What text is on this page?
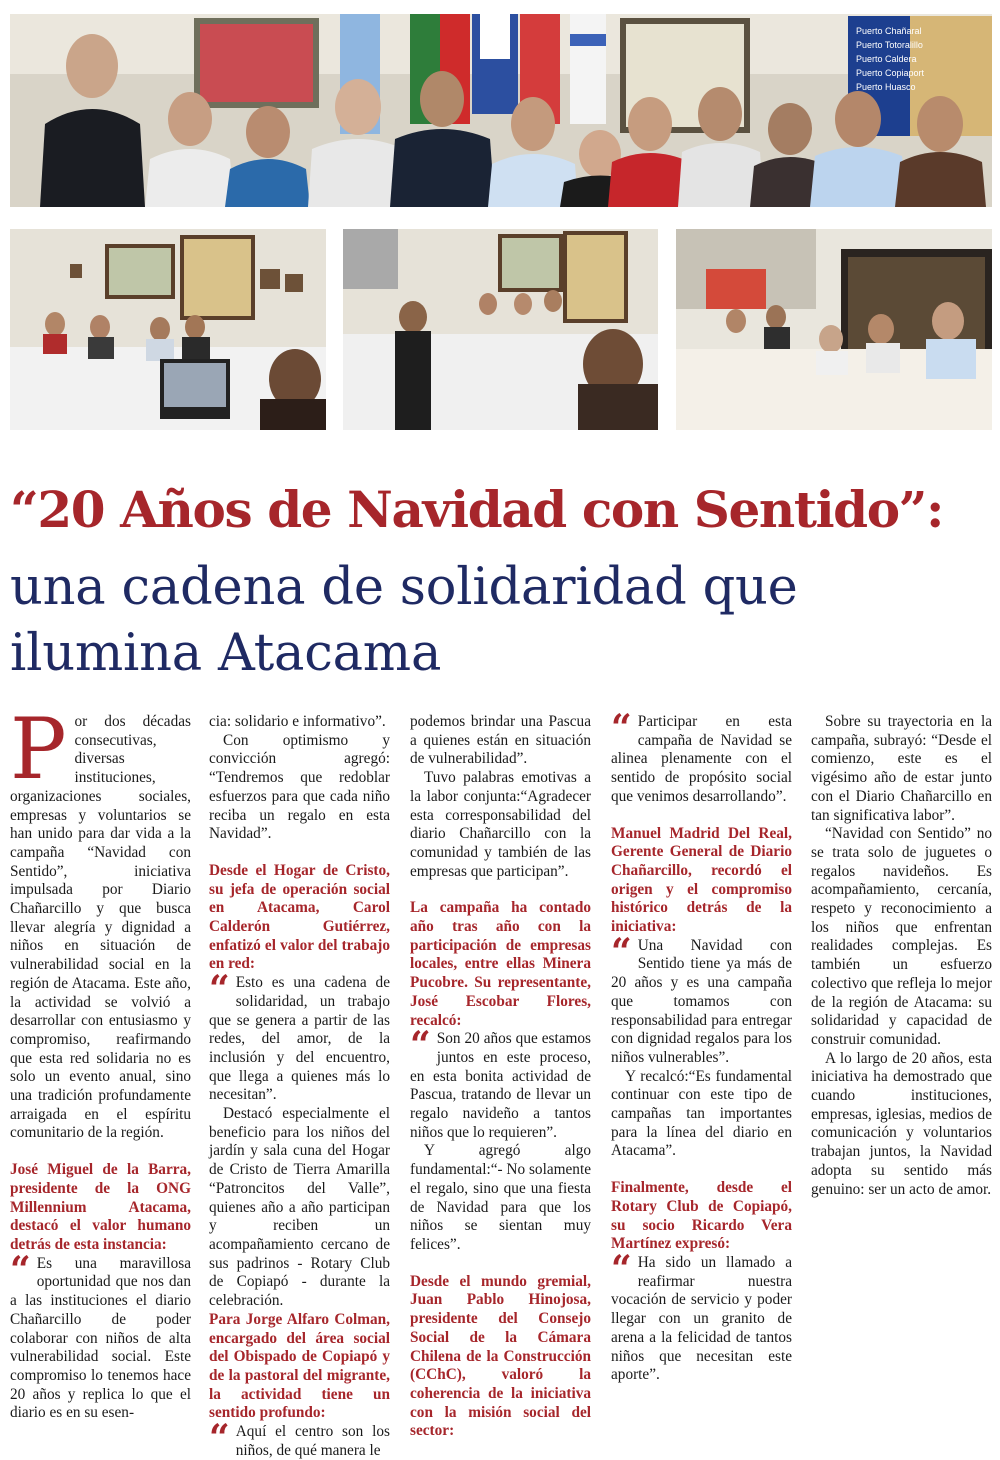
Puerto Chañaral
Puerto Totoralillo
Puerto Caldera
Puerto Copiaport
Puerto Huasco
“20 Años de Navidad con Sentido”:
una cadena de solidaridad que
ilumina Atacama
P or dos décadas consecutivas, diversas instituciones, organizaciones sociales, empresas y voluntarios se han unido para dar vida a la campaña “Navidad con Sentido”, iniciativa impulsada por Diario Chañarcillo y que busca llevar alegría y dignidad a niños en situación de vulnerabilidad social en la región de Atacama. Este año, la actividad se volvió a desarrollar con entusiasmo y compromiso, reafirmando que esta red solidaria no es solo un evento anual, sino una tradición profundamente arraigada en el espíritu comunitario de la región.

José Miguel de la Barra, presidente de la ONG Millennium Atacama, destacó el valor humano detrás de esta instancia:
“ Es una maravillosa oportunidad que nos dan a las instituciones el diario Chañarcillo de poder colaborar con niños de alta vulnerabilidad social. Este compromiso lo tenemos hace 20 años y replica lo que el diario es en su esen-

cia: solidario e informativo”.

Con optimismo y convicción agregó: “Tendremos que redoblar esfuerzos para que cada niño reciba un regalo en esta Navidad”.

Desde el Hogar de Cristo, su jefa de operación social en Atacama, Carol Calderón Gutiérrez, enfatizó el valor del trabajo en red:
“ Esto es una cadena de solidaridad, un trabajo que se genera a partir de las redes, del amor, de la inclusión y del encuentro, que llega a quienes más lo necesitan”.

Destacó especialmente el beneficio para los niños del jardín y sala cuna del Hogar de Cristo de Tierra Amarilla “Patroncitos del Valle”, quienes año a año participan y reciben un acompañamiento cercano de sus padrinos - Rotary Club de Copiapó - durante la celebración.

Para Jorge Alfaro Colman, encargado del área social del Obispado de Copiapó y de la pastoral del migrante, la actividad tiene un sentido profundo:
“ Aquí el centro son los niños, de qué manera le

podemos brindar una Pascua a quienes están en situación de vulnerabilidad”.

Tuvo palabras emotivas a la labor conjunta:“Agradecer esta corresponsabilidad del diario Chañarcillo con la comunidad y también de las empresas que participan”.

La campaña ha contado año tras año con la participación de empresas locales, entre ellas Minera Pucobre. Su representante, José Escobar Flores, recalcó:
“ Son 20 años que estamos juntos en este proceso, en esta bonita actividad de Pascua, tratando de llevar un regalo navideño a tantos niños que lo requieren”.

Y agregó algo fundamental:“- No solamente el regalo, sino que una fiesta de Navidad para que los niños se sientan muy felices”.

Desde el mundo gremial, Juan Pablo Hinojosa, presidente del Consejo Social de la Cámara Chilena de la Construcción (CChC), valoró la coherencia de la iniciativa con la misión social del sector:
“ Participar en esta campaña de Navidad se alinea plenamente con el sentido de propósito social que venimos desarrollando”.

Manuel Madrid Del Real, Gerente General de Diario Chañarcillo, recordó el origen y el compromiso histórico detrás de la iniciativa:
“ Una Navidad con Sentido tiene ya más de 20 años y es una campaña que tomamos con responsabilidad para entregar con dignidad regalos para los niños vulnerables”.

Y recalcó:“Es fundamental continuar con este tipo de campañas tan importantes para la línea del diario en Atacama”.

Finalmente, desde el Rotary Club de Copiapó, su socio Ricardo Vera Martínez expresó:
“ Ha sido un llamado a reafirmar nuestra vocación de servicio y poder llegar con un granito de arena a la felicidad de tantos niños que necesitan este aporte”.

Sobre su trayectoria en la campaña, subrayó: “Desde el comienzo, este es el vigésimo año de estar junto con el Diario Chañarcillo en tan significativa labor”.

“Navidad con Sentido” no se trata solo de juguetes o regalos navideños. Es acompañamiento, cercanía, respeto y reconocimiento a los niños que enfrentan realidades complejas. Es también un esfuerzo colectivo que refleja lo mejor de la región de Atacama: su solidaridad y capacidad de construir comunidad.

A lo largo de 20 años, esta iniciativa ha demostrado que cuando instituciones, empresas, iglesias, medios de comunicación y voluntarios trabajan juntos, la Navidad adopta su sentido más genuino: ser un acto de amor.
